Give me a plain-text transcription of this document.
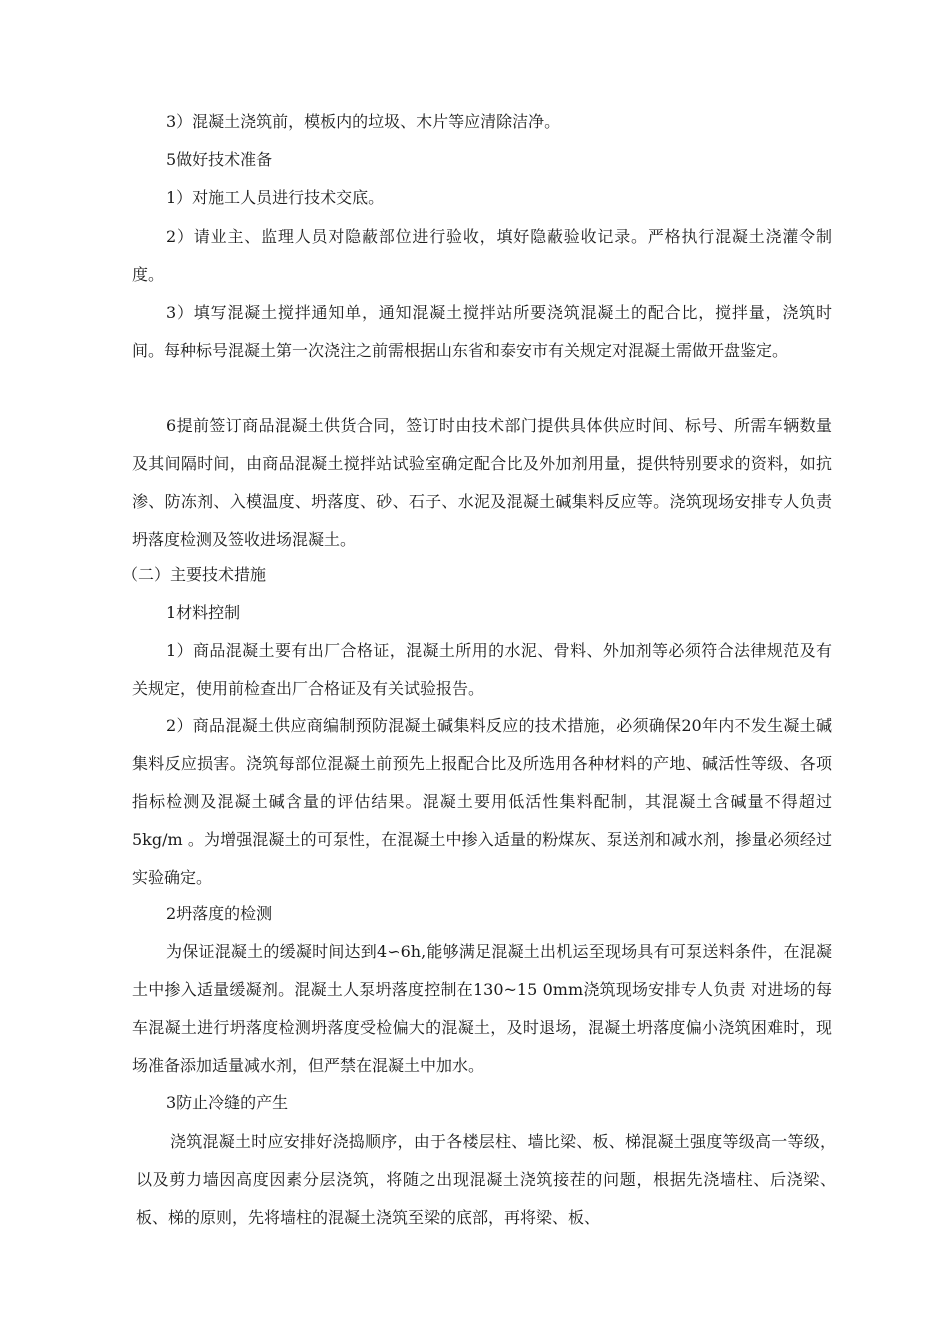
3）混凝土浇筑前，模板内的垃圾、木片等应清除洁净。

5做好技术准备

1）对施工人员进行技术交底。

2）请业主、监理人员对隐蔽部位进行验收，填好隐蔽验收记录。严格执行混凝土浇灌令制度。

3）填写混凝土搅拌通知单，通知混凝土搅拌站所要浇筑混凝土的配合比，搅拌量，浇筑时间。每种标号混凝土第一次浇注之前需根据山东省和泰安市有关规定对混凝土需做开盘鉴定。

6提前签订商品混凝土供货合同，签订时由技术部门提供具体供应时间、标号、所需车辆数量及其间隔时间，由商品混凝土搅拌站试验室确定配合比及外加剂用量，提供特别要求的资料，如抗渗、防冻剂、入模温度、坍落度、砂、石子、水泥及混凝土碱集料反应等。浇筑现场安排专人负责坍落度检测及签收进场混凝土。

（二）主要技术措施

1材料控制

1）商品混凝土要有出厂合格证，混凝土所用的水泥、骨料、外加剂等必须符合法律规范及有关规定，使用前检查出厂合格证及有关试验报告。

2）商品混凝土供应商编制预防混凝土碱集料反应的技术措施，必须确保20年内不发生凝土碱集料反应损害。浇筑每部位混凝土前预先上报配合比及所选用各种材料的产地、碱活性等级、各项指标检测及混凝土碱含量的评估结果。混凝土要用低活性集料配制，其混凝土含碱量不得超过5kg/m 。为增强混凝土的可泵性，在混凝土中掺入适量的粉煤灰、泵送剂和减水剂，掺量必须经过实验确定。

2坍落度的检测

为保证混凝土的缓凝时间达到4∽6h,能够满足混凝土出机运至现场具有可泵送料条件，在混凝土中掺入适量缓凝剂。混凝土人泵坍落度控制在130~15 0mm浇筑现场安排专人负责 对进场的每车混凝土进行坍落度检测坍落度受检偏大的混凝土，及时退场，混凝土坍落度偏小浇筑困难时，现场准备添加适量减水剂，但严禁在混凝土中加水。

3防止冷缝的产生

浇筑混凝土时应安排好浇捣顺序，由于各楼层柱、墙比梁、板、梯混凝土强度等级高一等级，以及剪力墙因高度因素分层浇筑，将随之出现混凝土浇筑接茬的问题，根据先浇墙柱、后浇梁、板、梯的原则，先将墙柱的混凝土浇筑至梁的底部，再将梁、板、
